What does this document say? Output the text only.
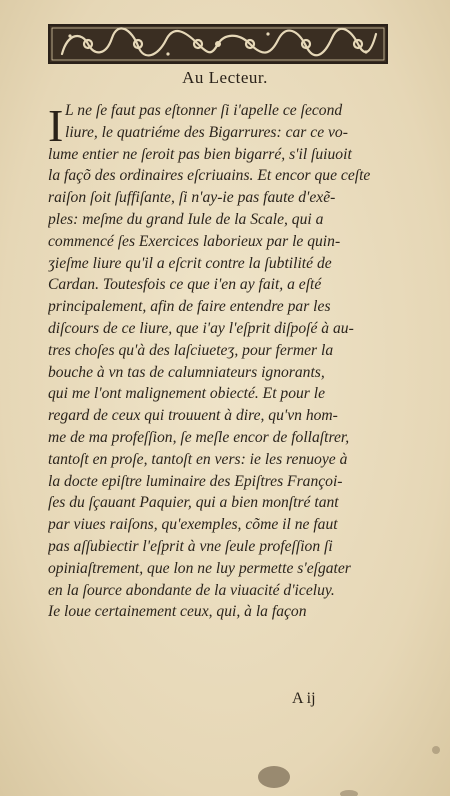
Au Lecteur.
I L ne ſe faut pas eſtonner ſi i'apelle ce ſecond
liure, le quatriéme des Bigarrures: car ce vo-
lume entier ne ſeroit pas bien bigarré, s'il ſuiuoit
la façõ des ordinaires eſcriuains. Et encor que ceſte
raiſon ſoit ſuffiſante, ſi n'ay-ie pas faute d'exẽ-
ples: meſme du grand Iule de la Scale, qui a
commencé ſes Exercices laborieux par le quin-
ʒieſme liure qu'il a eſcrit contre la ſubtilité de
Cardan. Toutesfois ce que i'en ay fait, a eſté
principalement, afin de faire entendre par les
diſcours de ce liure, que i'ay l'eſprit diſpoſé à au-
tres choſes qu'à des laſciueteʒ, pour fermer la
bouche à vn tas de calumniateurs ignorants,
qui me l'ont malignement obiecté. Et pour le
regard de ceux qui trouuent à dire, qu'vn hom-
me de ma profeſſion, ſe meſle encor de follaſtrer,
tantoſt en proſe, tantoſt en vers: ie les renuoye à
la docte epiſtre luminaire des Epiſtres Françoi-
ſes du ſçauant Paquier, qui a bien monſtré tant
par viues raiſons, qu'exemples, cõme il ne faut
pas aſſubiectir l'eſprit à vne ſeule profeſſion ſi
opiniaſtrement, que lon ne luy permette s'eſgater
en la ſource abondante de la viuacité d'iceluy.
Ie loue certainement ceux, qui, à la façon
A ij
